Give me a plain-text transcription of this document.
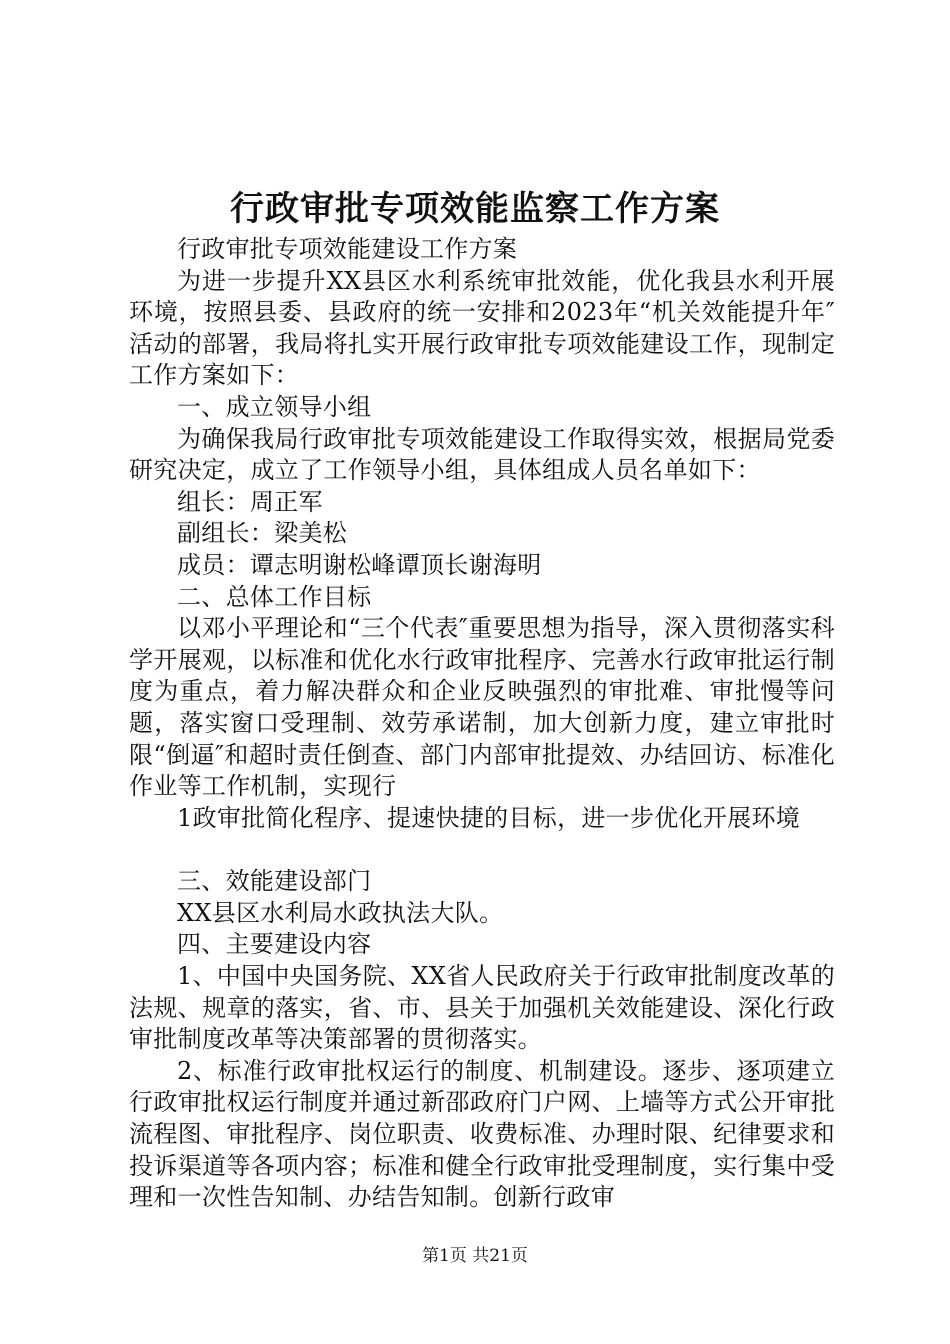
行政审批专项效能监察工作方案

行政审批专项效能建设工作方案

为进一步提升XX县区水利系统审批效能，优化我县水利开展环境，按照县委、县政府的统一安排和2023年“机关效能提升年″活动的部署，我局将扎实开展行政审批专项效能建设工作，现制定工作方案如下：

一、成立领导小组

为确保我局行政审批专项效能建设工作取得实效，根据局党委研究决定，成立了工作领导小组，具体组成人员名单如下：

组长：周正军

副组长：梁美松

成员：谭志明谢松峰谭顶长谢海明

二、总体工作目标

以邓小平理论和“三个代表″重要思想为指导，深入贯彻落实科学开展观，以标准和优化水行政审批程序、完善水行政审批运行制度为重点，着力解决群众和企业反映强烈的审批难、审批慢等问题，落实窗口受理制、效劳承诺制，加大创新力度，建立审批时限“倒逼″和超时责任倒查、部门内部审批提效、办结回访、标准化作业等工作机制，实现行

1政审批简化程序、提速快捷的目标，进一步优化开展环境

三、效能建设部门

XX县区水利局水政执法大队。

四、主要建设内容

1、中国中央国务院、XX省人民政府关于行政审批制度改革的法规、规章的落实，省、市、县关于加强机关效能建设、深化行政审批制度改革等决策部署的贯彻落实。

2、标准行政审批权运行的制度、机制建设。逐步、逐项建立行政审批权运行制度并通过新邵政府门户网、上墙等方式公开审批流程图、审批程序、岗位职责、收费标准、办理时限、纪律要求和投诉渠道等各项内容；标准和健全行政审批受理制度，实行集中受理和一次性告知制、办结告知制。创新行政审

第1页 共21页
